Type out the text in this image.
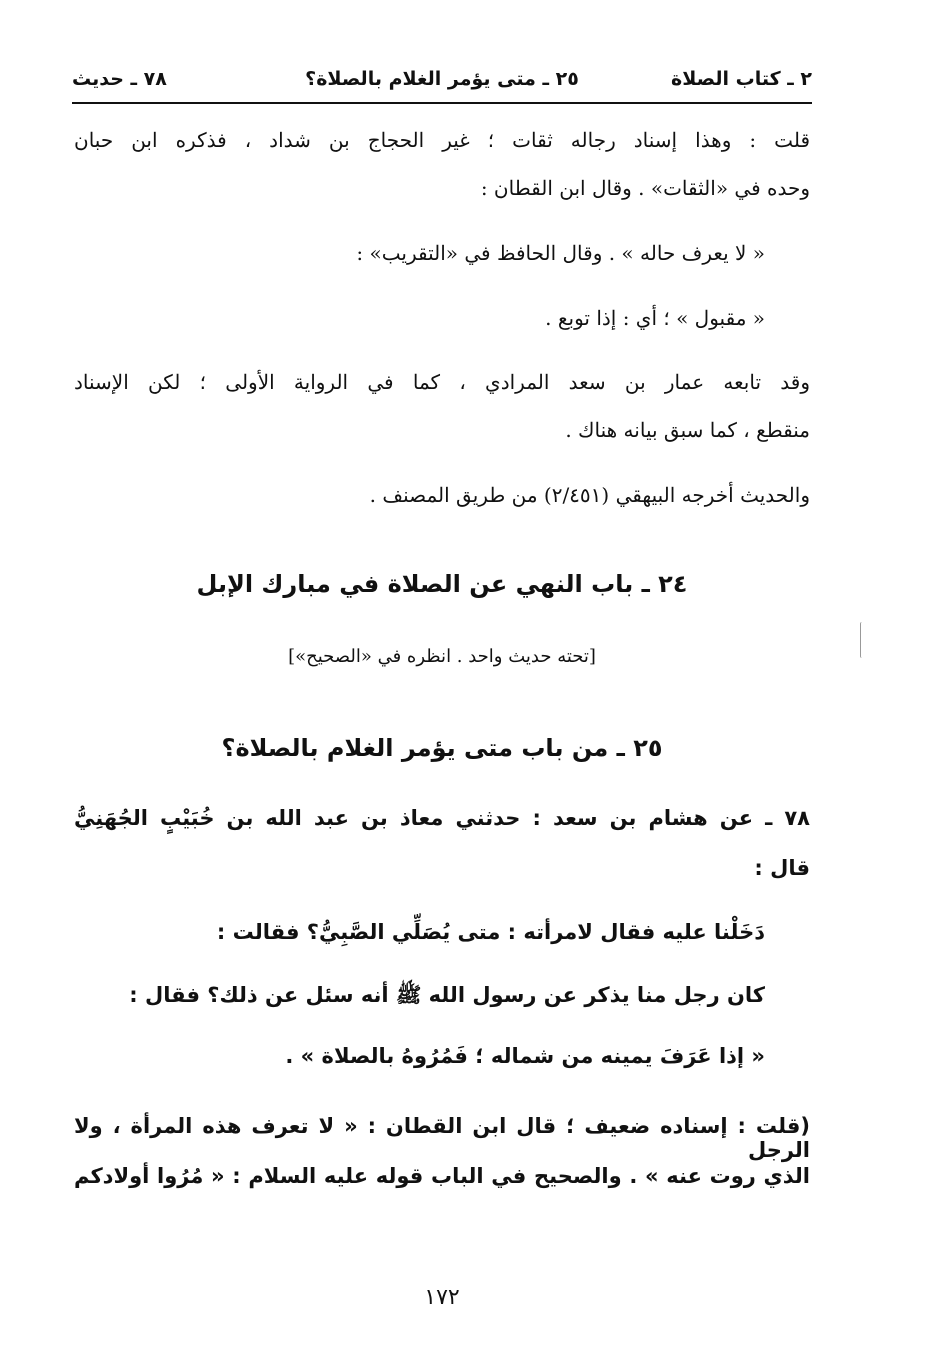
٢ ـ كتاب الصلاة
٢٥ ـ متى يؤمر الغلام بالصلاة؟
٧٨ ـ حديث
قلت : وهذا إسناد رجاله ثقات ؛ غير الحجاج بن شداد ، فذكره ابن حبان
وحده في «الثقات» . وقال ابن القطان :
« لا يعرف حاله » . وقال الحافظ في «التقريب» :
« مقبول » ؛ أي : إذا توبع .
وقد تابعه عمار بن سعد المرادي ، كما في الرواية الأولى ؛ لكن الإسناد
منقطع ، كما سبق بيانه هناك .
والحديث أخرجه البيهقي (٢/٤٥١) من طريق المصنف .
٢٤ ـ باب النهي عن الصلاة في مبارك الإبل
[تحته حديث واحد . انظره في «الصحيح»]
٢٥ ـ من باب متى يؤمر الغلام بالصلاة؟
٧٨ ـ عن هشام بن سعد : حدثني معاذ بن عبد الله بن خُبَيْبٍ الجُهَنِيُّ
قال :
دَخَلْنا عليه فقال لامرأته : متى يُصَلِّي الصَّبِيُّ؟ فقالت :
كان رجل منا يذكر عن رسول الله ﷺ أنه سئل عن ذلك؟ فقال :
« إذا عَرَفَ يمينه من شماله ؛ فَمُرُوهُ بالصلاة » .
(قلت : إسناده ضعيف ؛ قال ابن القطان : « لا تعرف هذه المرأة ، ولا الرجل
الذي روت عنه » . والصحيح في الباب قوله عليه السلام : « مُرُوا أولادكم
١٧٢
